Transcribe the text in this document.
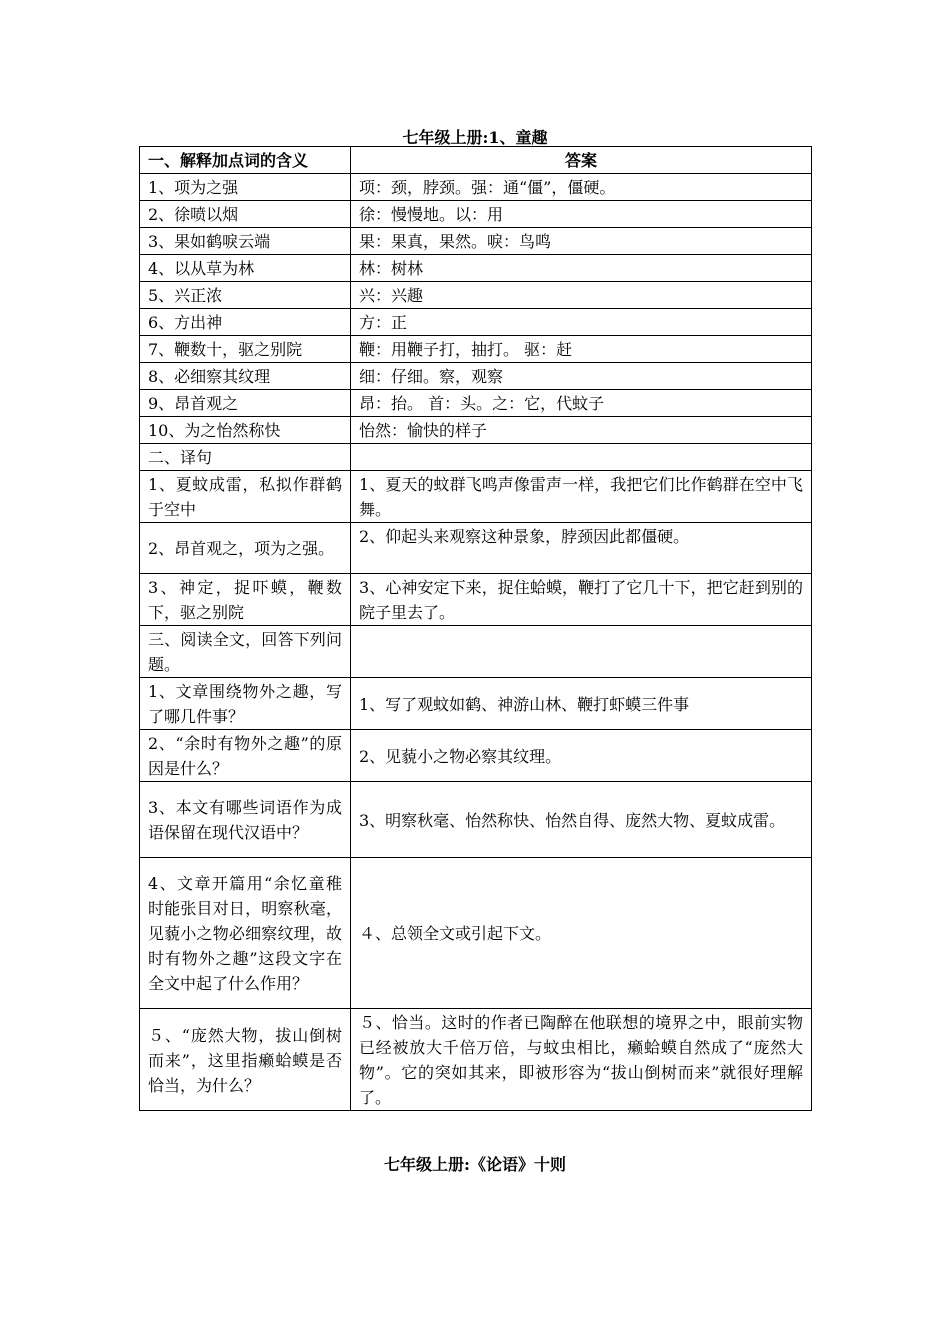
七年级上册:1、童趣
一、解释加点词的含义	答案
1、项为之强	项：颈，脖颈。强：通“僵”，僵硬。
2、徐喷以烟	徐：慢慢地。以：用
3、果如鹤唳云端	果：果真，果然。唳：鸟鸣
4、以从草为林	林：树林
5、兴正浓	兴：兴趣
6、方出神	方：正
7、鞭数十，驱之别院	鞭：用鞭子打，抽打。 驱：赶
8、必细察其纹理	细：仔细。察，观察
9、昂首观之	昂：抬。 首：头。之：它，代蚊子
10、为之怡然称快	怡然：愉快的样子
二、译句	
1、夏蚊成雷，私拟作群鹤于空中	1、夏天的蚊群飞鸣声像雷声一样，我把它们比作鹤群在空中飞舞。
2、昂首观之，项为之强。	2、仰起头来观察这种景象，脖颈因此都僵硬。
3、神定，捉吓蟆，鞭数下，驱之别院	3、心神安定下来，捉住蛤蟆，鞭打了它几十下，把它赶到别的院子里去了。
三、阅读全文，回答下列问题。	
1、文章围绕物外之趣，写了哪几件事？	1、写了观蚊如鹤、神游山林、鞭打虾蟆三件事
2、“余时有物外之趣”的原因是什么？	2、见藐小之物必察其纹理。
3、本文有哪些词语作为成语保留在现代汉语中？	3、明察秋毫、怡然称快、怡然自得、庞然大物、夏蚊成雷。
4、文章开篇用“余忆童稚时能张目对日，明察秋毫，见藐小之物必细察纹理，故时有物外之趣”这段文字在全文中起了什么作用？	４、总领全文或引起下文。
５、“庞然大物，拔山倒树而来”，这里指癞蛤蟆是否恰当，为什么？	５、恰当。这时的作者已陶醉在他联想的境界之中，眼前实物已经被放大千倍万倍，与蚊虫相比，癞蛤蟆自然成了“庞然大物”。它的突如其来，即被形容为“拔山倒树而来”就很好理解了。
七年级上册:《论语》十则
